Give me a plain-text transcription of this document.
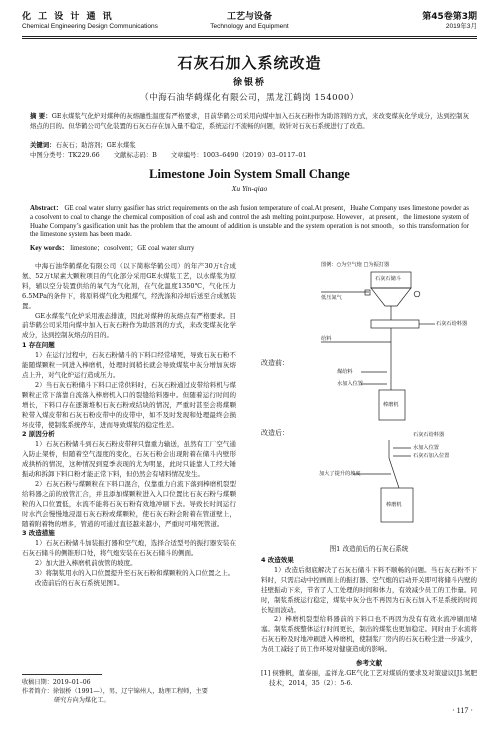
化 工 设 计 通 讯
Chemical Engineering Design Communications
工艺与设备
Technology and Equipment
第45卷第3期
2019年3月
石灰石加入系统改造
徐银桥
（中海石油华鹤煤化有限公司，黑龙江鹤岗 154000）
摘 要：GE水煤浆气化炉对煤种的灰熔融性温度有严格要求，目前华鹤公司采用向煤中加入石灰石粉作为助溶剂的方式，来改变煤灰化学成分，达到控制灰熔点的目的。但华鹤公司气化装置的石灰石存在加入量不稳定，系统运行不流畅的问题，故针对石灰石系统进行了改造。
关键词：石灰石；助溶剂；GE水煤浆
中图分类号：TK229.66 文献标志码：B 文章编号：1003–6490（2019）03–0117–01
Limestone Join System Small Change
Xu Yin-qiao
Abstract： GE coal water slurry gasifier has strict requirements on the ash fusion temperature of coal.At present，Huahe Company uses limestone powder as a cosolvent to coal to change the chemical composition of coal ash and control the ash melting point.purpose. However，at present，the limestone system of Huahe Company’s gasification unit has the problem that the amount of addition is unstable and the system operation is not smooth，so this transformation for the limestone system has been made.
Key words： limestone；cosolvent；GE coal water slurry

中海石油华鹤煤化有限公司（以下简称华鹤公司）的年产30万t合成氨、52万t尿素大颗粒项目的气化部分采用GE水煤浆工艺，以水煤浆为原料，辅以空分装置供给的氧气为气化剂，在气化温度1350℃，气化压力6.5MPa的条件下，将原料煤气化为粗煤气，经洗涤和冷却后送至合成氨装置。

GE水煤浆气化炉采用液态排渣，因此对煤种的灰熔点有严格要求。目前华鹤公司采用向煤中加入石灰石粉作为助溶剂的方式，来改变煤灰化学成分，达到控制灰熔点的目的。

1 存在问题

1）在运行过程中，石灰石粉储斗的下料口经常堵死，导致石灰石粉不能随煤颗粒一同进入棒磨机，处理时间稍长就会导致煤浆中灰分增加灰熔点上升，对气化炉运行造成压力。

2）当石灰石粉储斗下料口正常供料时，石灰石粉通过皮带给料机与煤颗粒正常下落靠自流落入棒磨机入口的裂缝给料器中。但随着运行时间的增长，下料口存在逐渐堆积石灰石粉或结块的情况，严重时甚至会将煤颗粒带入煤皮带和石灰石粉皮带中的皮带中，如不及时发现和处理最终会损坏皮带，使制浆系统停车，进而导致煤浆的稳定性差。

2 原因分析

1）石灰石粉储斗到石灰石粉皮带秤只靠重力输送，虽然有工厂空气通入防止架桥，但随着空气湿度的变化，石灰石粉会出现附着在储斗内壁形成拱桥的情况，这种情况到夏季表现的尤为明显，此时只能靠人工经大锤振动和拆卸下料口粉才能正常下料，但仍然会有堵料情况发生。

2）石灰石粉与煤颗粒在下料口混合，仅靠重力自流下落到棒磨机裂型给料器之前的放管汇合，并且添加煤颗粒进入入口位置比石灰石粉与煤颗粒的入口位置低，水流不能将石灰石粉有效地冲刷下去。导致长时间运行时水汽会慢慢地浸湿石灰石粉或煤颗粒，使石灰石粉会附着在管道壁上，随着附着物的增多，管道的可通过直径越来越小，严重时可堵死管道。

3 改造措施

1）石灰石粉储斗加装振打器和空气炮，选择合适型号的振打器安装在石灰石储斗的侧锥形口处，将气炮安装在石灰石储斗的侧面。

2）加大进入棒磨机前放管的坡度。

3）将制浆用水的入口位置提升至石灰石粉和煤颗粒的入口位置之上。

改造前后的石灰石系统见图1。

图例：○为空气炮 □为振打器
石灰石储斗
低压氮气
石灰石给料器
给料
改造前：
煤给料
水加入位置
改造后：
水加入位置
石灰石加入位置
加大了提升的坡度
石灰石给料器
棒磨机
棒磨机
图1 改造前后的石灰石系统

4 改造效果

1）改造后彻底解决了石灰石储斗下料不顺畅的问题。当石灰石粉不下料时，只需启动中控画面上的振打器、空气炮的启动开关即可将储斗内壁的挂壁振动下来，节省了人工处理的时间和体力，有效减少员工的工作量。同时，制浆系统运行稳定，煤浆中灰分也不再因为石灰石加入不足系统的时间长短而波动。

2）棒磨机裂型给料器前的下料口也不再因为没有有效水流冲刷而堵塞。制浆系统整体运行时间更长，制出的煤浆也更加稳定。同时由于水流将石灰石粉及时地冲刷进入棒磨机，使制浆厂房内的石灰石粉尘进一步减少，为员工减轻了员工作环境对健康造成的影响。

参考文献

[1] 侯雅帆，董泰丽，孟祥龙.GE气化工艺对煤质的要求及对策建议[J].氮肥技术，2014，35（2）：5-6.

收稿日期：2019–01–06
作者简介：徐银桥（1991—），男，辽宁锦州人，助理工程师，主要
研究方向为煤化工。
· 117 ·
